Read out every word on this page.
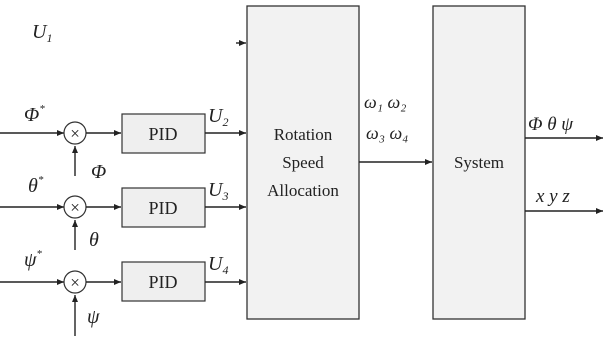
$U_1$
Φ*
×
Φ
PID
$U_2$
θ*
×
θ
PID
$U_3$
ψ*
×
ψ
PID
$U_4$
Rotation
Speed
Allocation
ω₁ ω₂
ω₃ ω₄
System
Φ θ ψ
x y z
